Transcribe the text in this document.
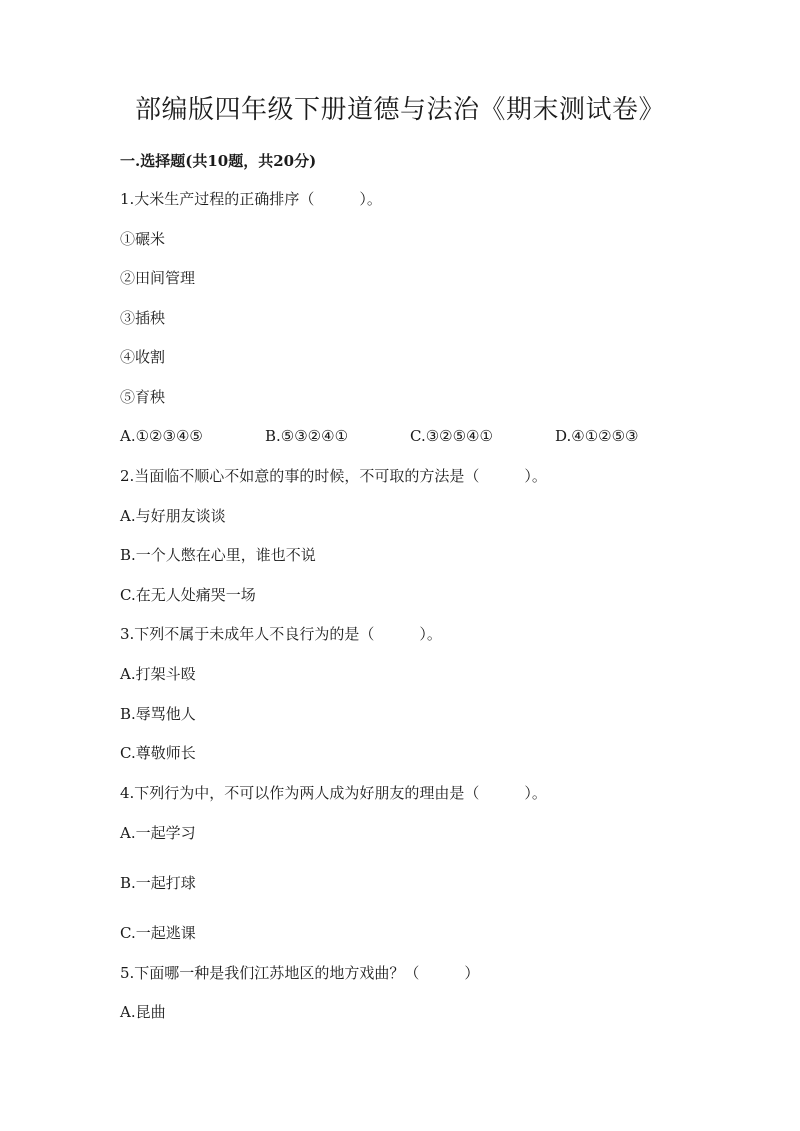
部编版四年级下册道德与法治《期末测试卷》
一.选择题(共10题，共20分)
1.大米生产过程的正确排序（　　　）。
①碾米
②田间管理
③插秧
④收割
⑤育秧
A.①②③④⑤	B.⑤③②④①	C.③②⑤④①	D.④①②⑤③
2.当面临不顺心不如意的事的时候，不可取的方法是（　　　）。
A.与好朋友谈谈
B.一个人憋在心里，谁也不说
C.在无人处痛哭一场
3.下列不属于未成年人不良行为的是（　　　）。
A.打架斗殴
B.辱骂他人
C.尊敬师长
4.下列行为中，不可以作为两人成为好朋友的理由是（　　　）。
A.一起学习
B.一起打球
C.一起逃课
5.下面哪一种是我们江苏地区的地方戏曲？（　　　）
A.昆曲
